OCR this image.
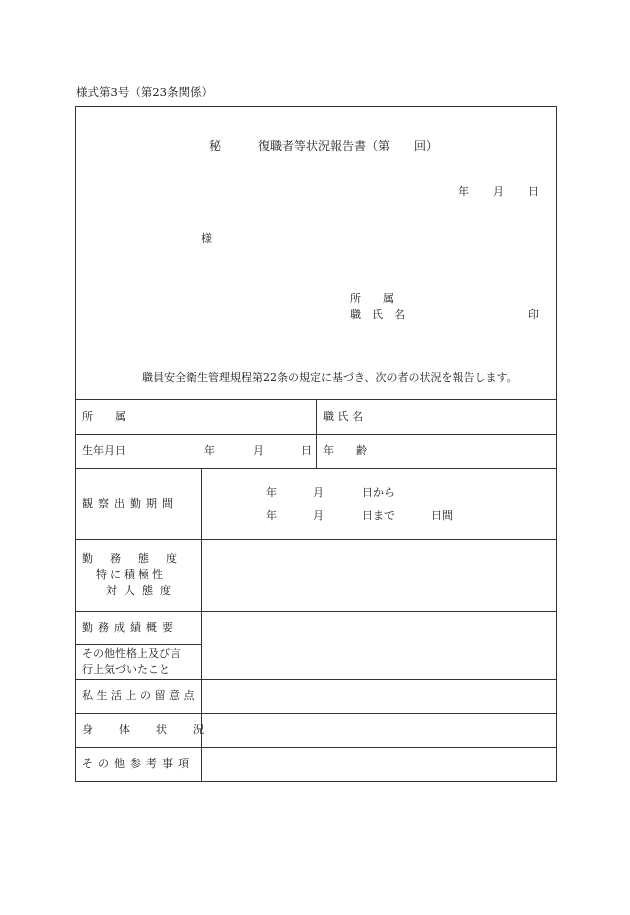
様式第3号（第23条関係）
秘	復職者等状況報告書（第　　回）
年 月 日
様
所　　属
職　氏　名	印
職員安全衛生管理規程第22条の規定に基づき、次の者の状況を報告します。
所　　属	職 氏 名
生年月日	年	月	日 年　　齢
観察出勤期間
年	月	日から
年	月	日まで	日間
勤務態度
特に積極性
対人態度
勤務成績概要
その他性格上及び言
行上気づいたこと
私生活上の留意点
身体状況
その他参考事項
